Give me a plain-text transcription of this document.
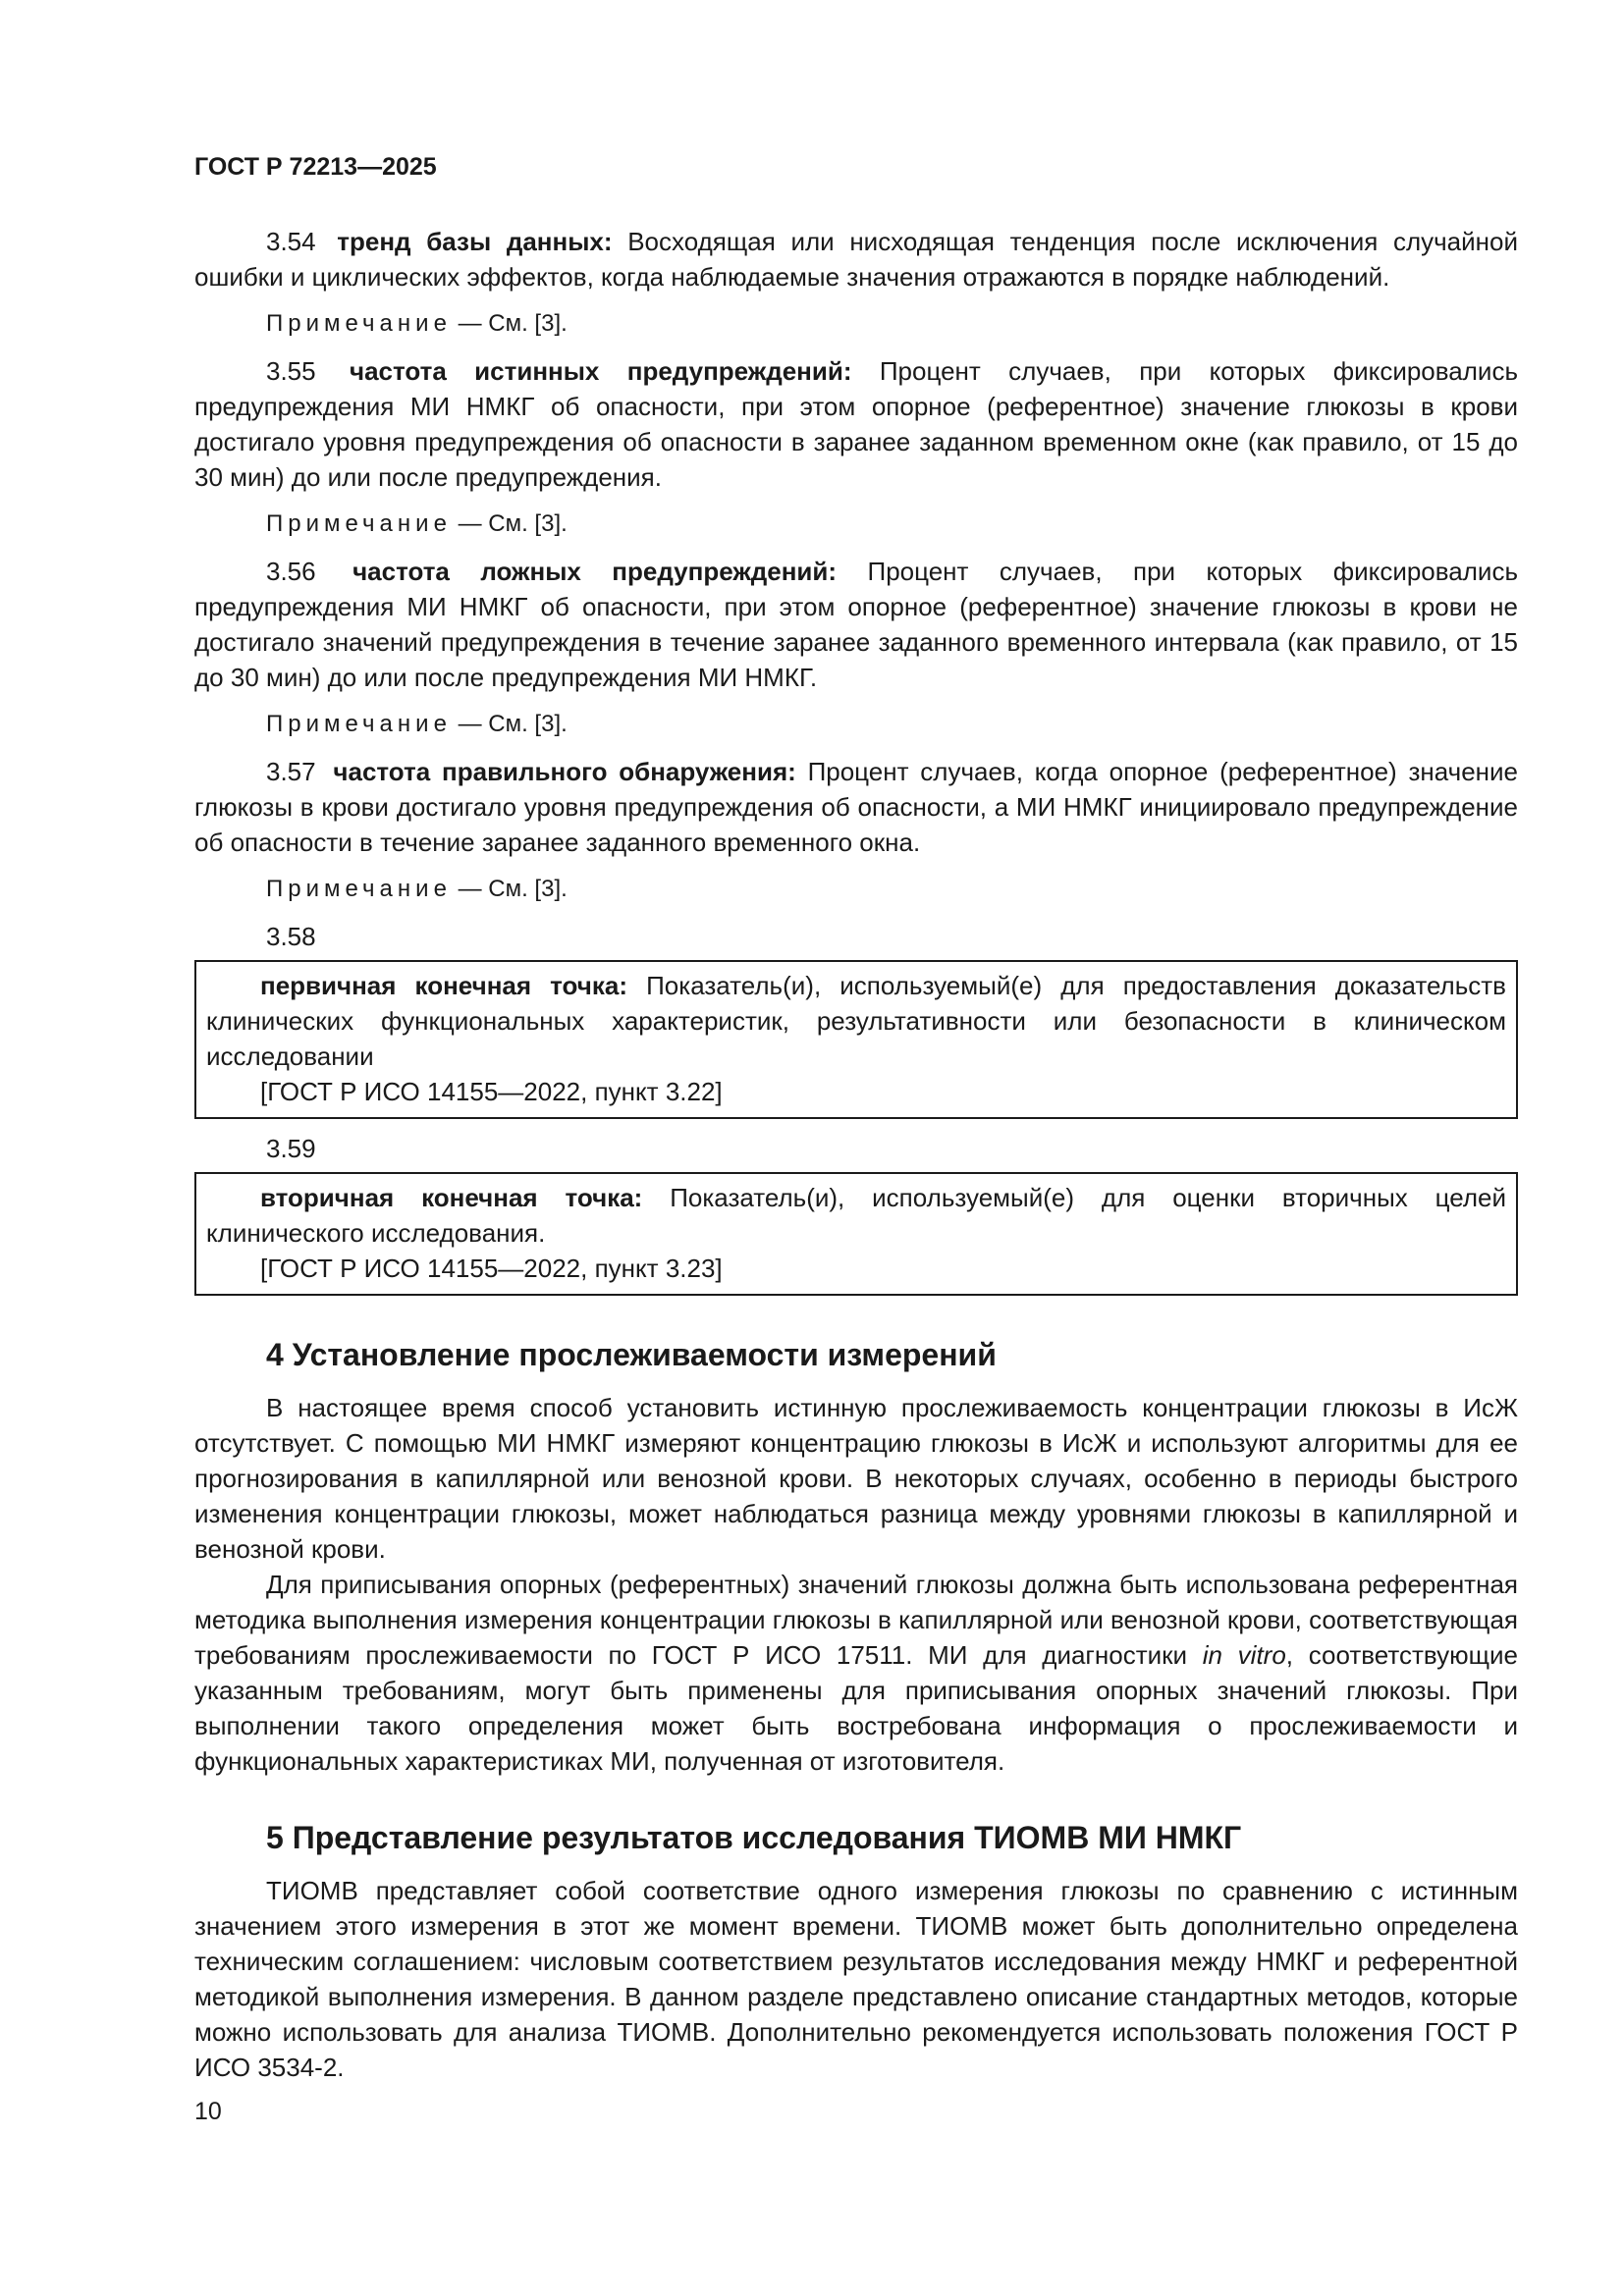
ГОСТ Р 72213—2025

3.54 тренд базы данных: Восходящая или нисходящая тенденция после исключения случайной ошибки и циклических эффектов, когда наблюдаемые значения отражаются в порядке наблюдений.

Примечание — См. [3].

3.55 частота истинных предупреждений: Процент случаев, при которых фиксировались предупреждения МИ НМКГ об опасности, при этом опорное (референтное) значение глюкозы в крови достигало уровня предупреждения об опасности в заранее заданном временном окне (как правило, от 15 до 30 мин) до или после предупреждения.

Примечание — См. [3].

3.56 частота ложных предупреждений: Процент случаев, при которых фиксировались предупреждения МИ НМКГ об опасности, при этом опорное (референтное) значение глюкозы в крови не достигало значений предупреждения в течение заранее заданного временного интервала (как правило, от 15 до 30 мин) до или после предупреждения МИ НМКГ.

Примечание — См. [3].

3.57 частота правильного обнаружения: Процент случаев, когда опорное (референтное) значение глюкозы в крови достигало уровня предупреждения об опасности, а МИ НМКГ инициировало предупреждение об опасности в течение заранее заданного временного окна.

Примечание — См. [3].
3.58

первичная конечная точка: Показатель(и), используемый(е) для предоставления доказательств клинических функциональных характеристик, результативности или безопасности в клиническом исследовании

[ГОСТ Р ИСО 14155—2022, пункт 3.22]

3.59

вторичная конечная точка: Показатель(и), используемый(е) для оценки вторичных целей клинического исследования.

[ГОСТ Р ИСО 14155—2022, пункт 3.23]

4 Установление прослеживаемости измерений

В настоящее время способ установить истинную прослеживаемость концентрации глюкозы в ИсЖ отсутствует. С помощью МИ НМКГ измеряют концентрацию глюкозы в ИсЖ и используют алгоритмы для ее прогнозирования в капиллярной или венозной крови. В некоторых случаях, особенно в периоды быстрого изменения концентрации глюкозы, может наблюдаться разница между уровнями глюкозы в капиллярной и венозной крови.

Для приписывания опорных (референтных) значений глюкозы должна быть использована референтная методика выполнения измерения концентрации глюкозы в капиллярной или венозной крови, соответствующая требованиям прослеживаемости по ГОСТ Р ИСО 17511. МИ для диагностики in vitro, соответствующие указанным требованиям, могут быть применены для приписывания опорных значений глюкозы. При выполнении такого определения может быть востребована информация о прослеживаемости и функциональных характеристиках МИ, полученная от изготовителя.

5 Представление результатов исследования ТИОМВ МИ НМКГ

ТИОМВ представляет собой соответствие одного измерения глюкозы по сравнению с истинным значением этого измерения в этот же момент времени. ТИОМВ может быть дополнительно определена техническим соглашением: числовым соответствием результатов исследования между НМКГ и референтной методикой выполнения измерения. В данном разделе представлено описание стандартных методов, которые можно использовать для анализа ТИОМВ. Дополнительно рекомендуется использовать положения ГОСТ Р ИСО 3534-2.

10
